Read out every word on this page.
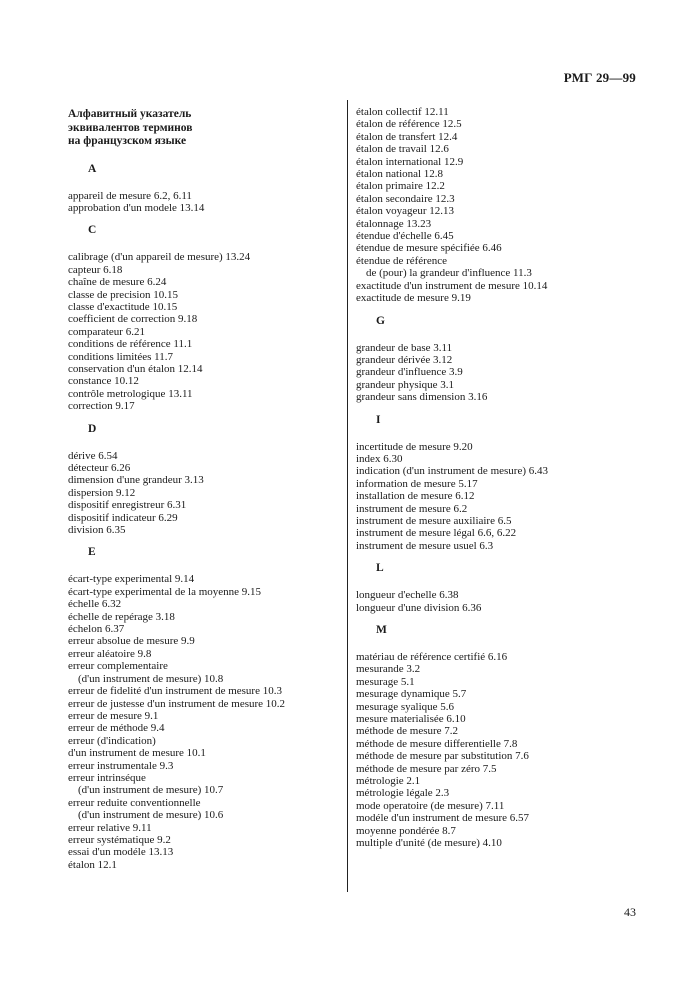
РМГ 29—99
Алфавитный указатель
эквивалентов терминов
на французском языке
A
appareil de mesure 6.2, 6.11
approbation d'un modele 13.14
C
calibrage (d'un appareil de mesure) 13.24
capteur 6.18
chaîne de mesure 6.24
classe de precision 10.15
classe d'exactitude 10.15
coefficient de correction 9.18
comparateur 6.21
conditions de référence 11.1
conditions limitées 11.7
conservation d'un étalon 12.14
constance 10.12
contrôle metrologique 13.11
correction 9.17
D
dérive 6.54
détecteur 6.26
dimension d'une grandeur 3.13
dispersion 9.12
dispositif enregistreur 6.31
dispositif indicateur 6.29
division 6.35
E
écart-type experimental 9.14
écart-type experimental de la moyenne 9.15
échelle 6.32
échelle de repérage 3.18
échelon 6.37
erreur absolue de mesure 9.9
erreur aléatoire 9.8
erreur complementaire
(d'un instrument de mesure) 10.8
erreur de fidelité d'un instrument de mesure 10.3
erreur de justesse d'un instrument de mesure 10.2
erreur de mesure 9.1
erreur de méthode 9.4
erreur (d'indication)
d'un instrument de mesure 10.1
erreur instrumentale 9.3
erreur intrinséque
(d'un instrument de mesure) 10.7
erreur reduite conventionnelle
(d'un instrument de mesure) 10.6
erreur relative 9.11
erreur systématique 9.2
essai d'un modéle 13.13
étalon 12.1
étalon collectif 12.11
étalon de référence 12.5
étalon de transfert 12.4
étalon de travail 12.6
étalon international 12.9
étalon national 12.8
étalon primaire 12.2
étalon secondaire 12.3
étalon voyageur 12.13
étalonnage 13.23
étendue d'échelle 6.45
étendue de mesure spécifiée 6.46
étendue de référence
de (pour) la grandeur d'influence 11.3
exactitude d'un instrument de mesure 10.14
exactitude de mesure 9.19
G
grandeur de base 3.11
grandeur dérivée 3.12
grandeur d'influence 3.9
grandeur physique 3.1
grandeur sans dimension 3.16
I
incertitude de mesure 9.20
index 6.30
indication (d'un instrument de mesure) 6.43
information de mesure 5.17
installation de mesure 6.12
instrument de mesure 6.2
instrument de mesure auxiliaire 6.5
instrument de mesure légal 6.6, 6.22
instrument de mesure usuel 6.3
L
longueur d'echelle 6.38
longueur d'une division 6.36
M
matériau de référence certifié 6.16
mesurande 3.2
mesurage 5.1
mesurage dynamique 5.7
mesurage syalique 5.6
mesure materialisée 6.10
méthode de mesure 7.2
méthode de mesure differentielle 7.8
méthode de mesure par substitution 7.6
méthode de mesure par zéro 7.5
métrologie 2.1
métrologie légale 2.3
mode operatoire (de mesure) 7.11
modéle d'un instrument de mesure 6.57
moyenne pondérée 8.7
multiple d'unité (de mesure) 4.10
43
